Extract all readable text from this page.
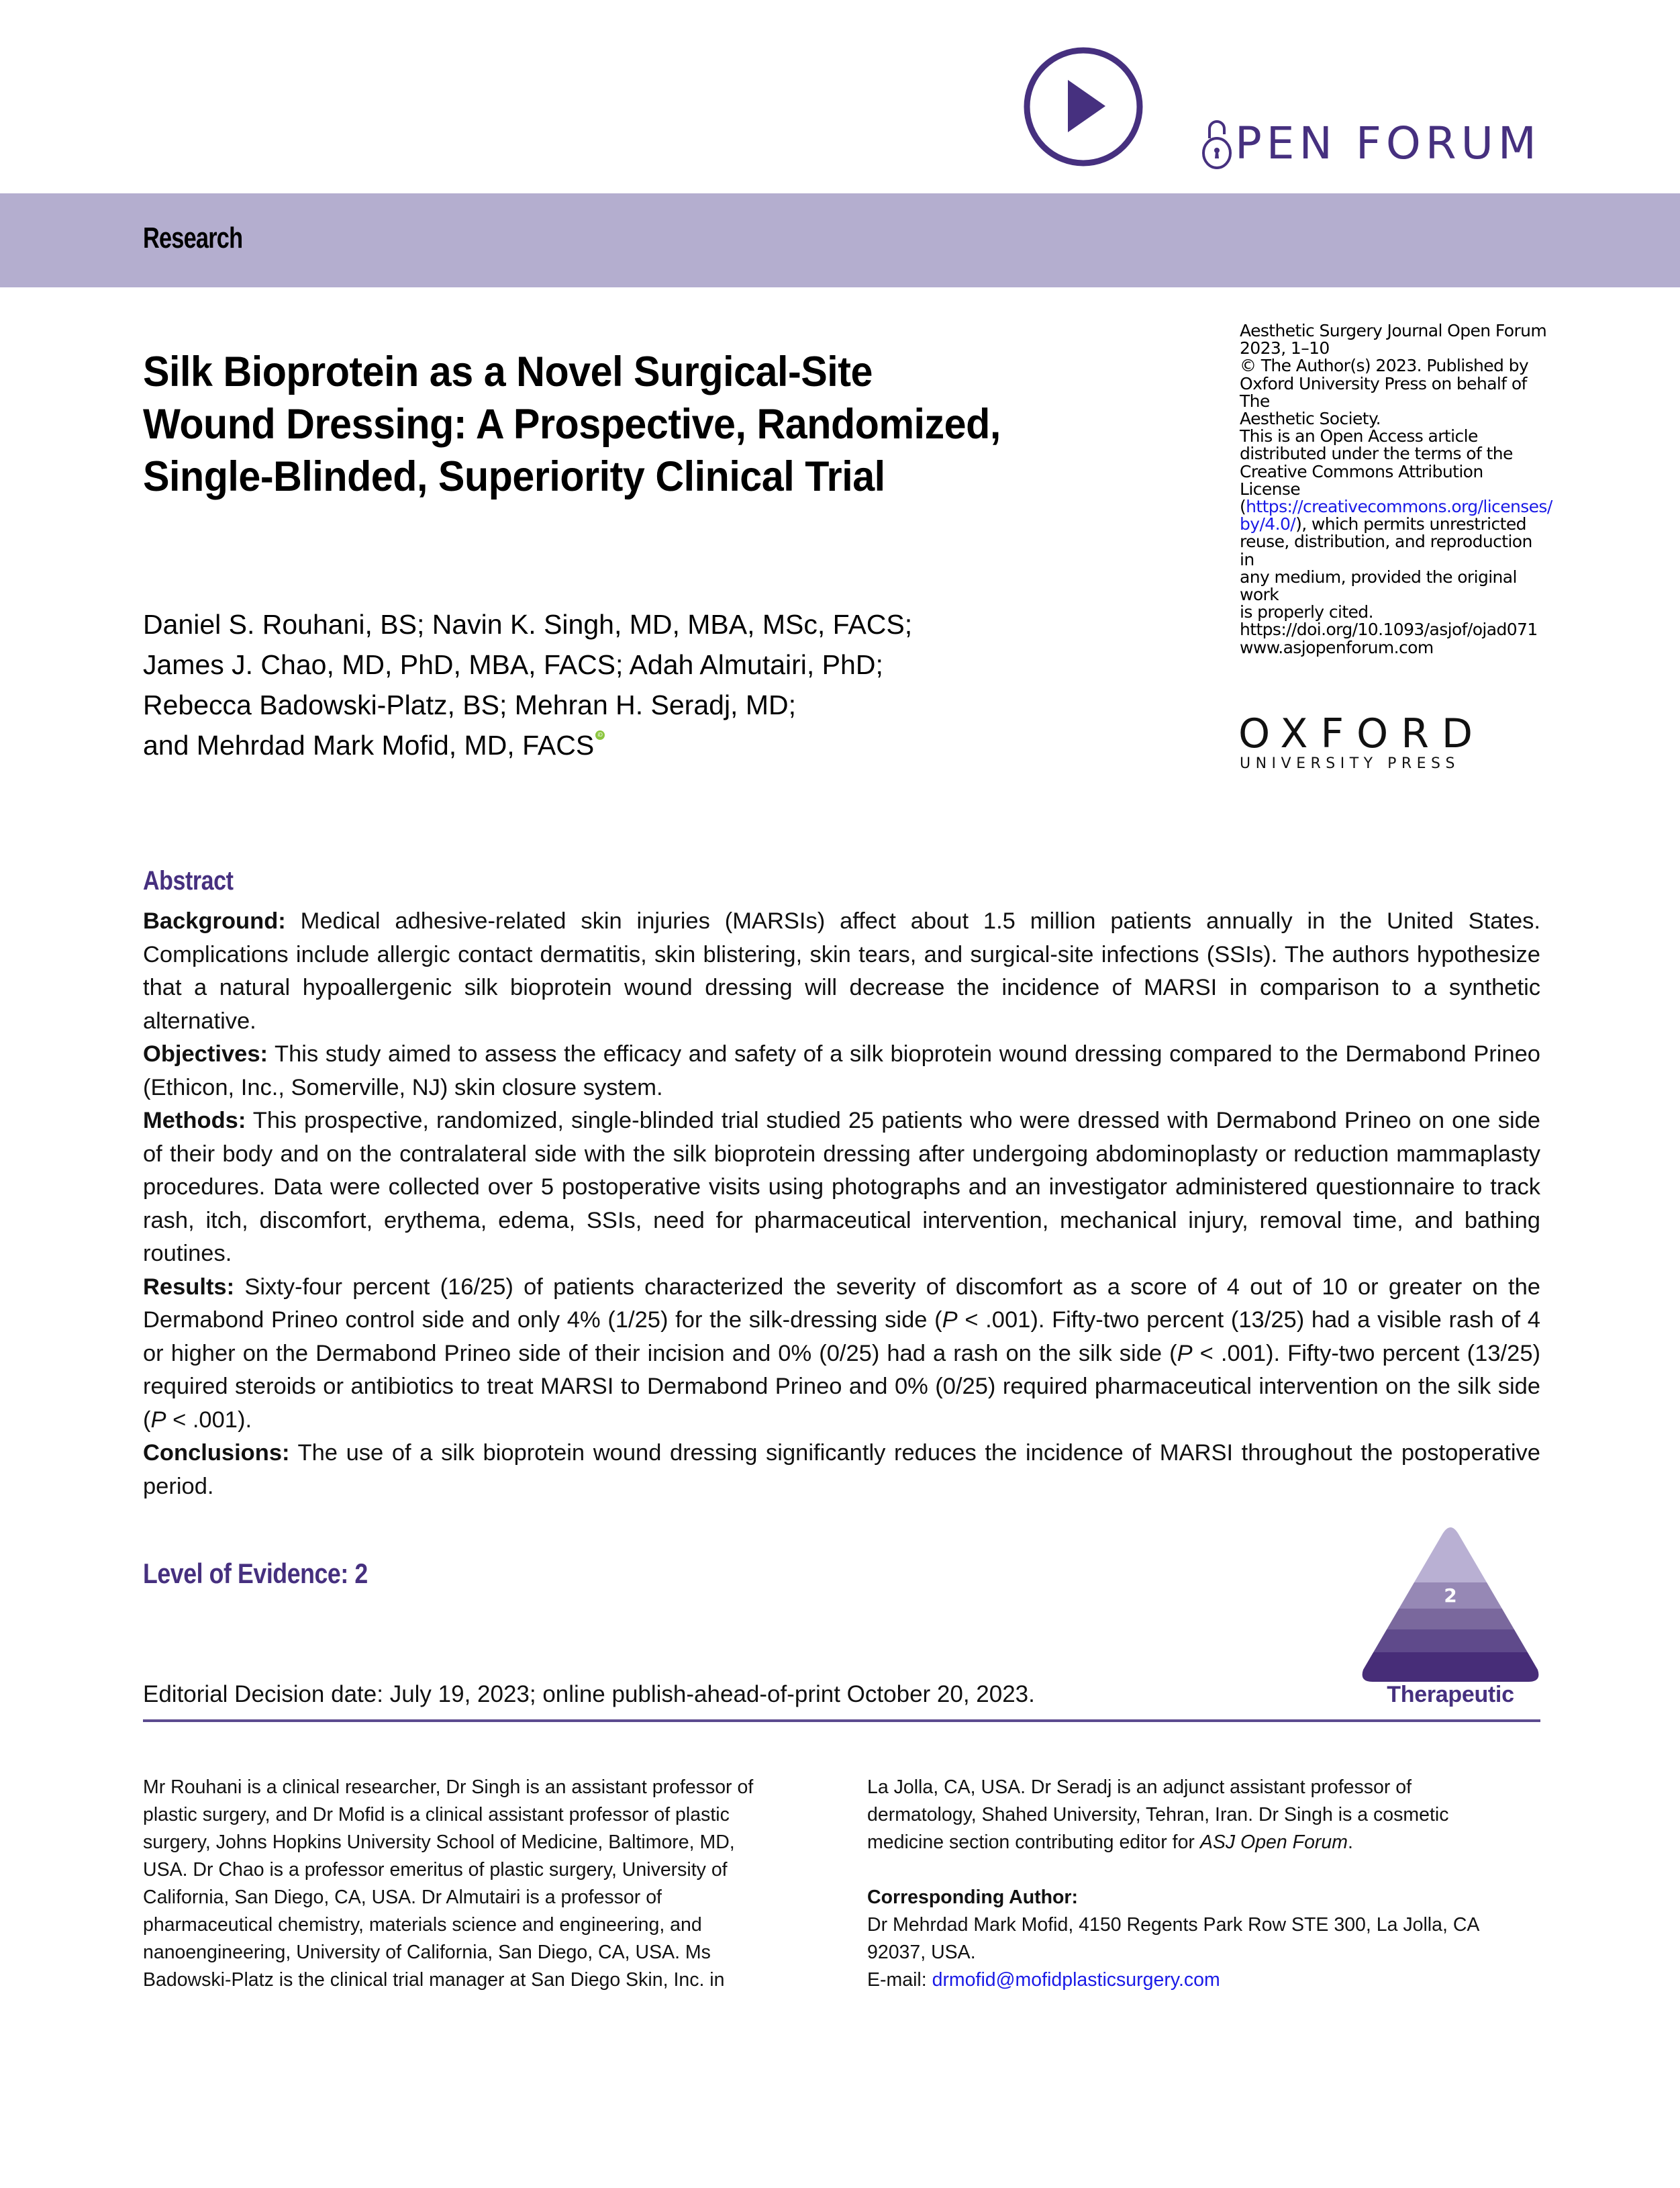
PEN FORUM
Research
Silk Bioprotein as a Novel Surgical-Site
Wound Dressing: A Prospective, Randomized,
Single-Blinded, Superiority Clinical Trial
Daniel S. Rouhani, BS; Navin K. Singh, MD, MBA, MSc, FACS;
James J. Chao, MD, PhD, MBA, FACS; Adah Almutairi, PhD;
Rebecca Badowski-Platz, BS; Mehran H. Seradj, MD;
and Mehrdad Mark Mofid, MD, FACS iD
Aesthetic Surgery Journal Open Forum
2023, 1–10
© The Author(s) 2023. Published by
Oxford University Press on behalf of The
Aesthetic Society.
This is an Open Access article
distributed under the terms of the
Creative Commons Attribution License
(https://creativecommons.org/licenses/
by/4.0/), which permits unrestricted
reuse, distribution, and reproduction in
any medium, provided the original work
is properly cited.
https://doi.org/10.1093/asjof/ojad071
www.asjopenforum.com
OXFORD
UNIVERSITY PRESS
Abstract

Background: Medical adhesive-related skin injuries (MARSIs) affect about 1.5 million patients annually in the United States. Complications include allergic contact dermatitis, skin blistering, skin tears, and surgical-site infections (SSIs). The authors hypothesize that a natural hypoallergenic silk bioprotein wound dressing will decrease the incidence of MARSI in comparison to a synthetic alternative.

Objectives: This study aimed to assess the efficacy and safety of a silk bioprotein wound dressing compared to the Dermabond Prineo (Ethicon, Inc., Somerville, NJ) skin closure system.

Methods: This prospective, randomized, single-blinded trial studied 25 patients who were dressed with Dermabond Prineo on one side of their body and on the contralateral side with the silk bioprotein dressing after undergoing abdominoplasty or reduction mammaplasty procedures. Data were collected over 5 postoperative visits using photographs and an investigator administered questionnaire to track rash, itch, discomfort, erythema, edema, SSIs, need for pharmaceutical intervention, mechanical injury, removal time, and bathing routines.

Results: Sixty-four percent (16/25) of patients characterized the severity of discomfort as a score of 4 out of 10 or greater on the Dermabond Prineo control side and only 4% (1/25) for the silk-dressing side (P < .001). Fifty-two percent (13/25) had a visible rash of 4 or higher on the Dermabond Prineo side of their incision and 0% (0/25) had a rash on the silk side (P < .001). Fifty-two percent (13/25) required steroids or antibiotics to treat MARSI to Dermabond Prineo and 0% (0/25) required pharmaceutical intervention on the silk side (P < .001).

Conclusions: The use of a silk bioprotein wound dressing significantly reduces the incidence of MARSI throughout the postoperative period.

Level of Evidence: 2
2
Therapeutic
Editorial Decision date: July 19, 2023; online publish-ahead-of-print October 20, 2023.
Mr Rouhani is a clinical researcher, Dr Singh is an assistant professor of
plastic surgery, and Dr Mofid is a clinical assistant professor of plastic
surgery, Johns Hopkins University School of Medicine, Baltimore, MD,
USA. Dr Chao is a professor emeritus of plastic surgery, University of
California, San Diego, CA, USA. Dr Almutairi is a professor of
pharmaceutical chemistry, materials science and engineering, and
nanoengineering, University of California, San Diego, CA, USA. Ms
Badowski-Platz is the clinical trial manager at San Diego Skin, Inc. in
La Jolla, CA, USA. Dr Seradj is an adjunct assistant professor of
dermatology, Shahed University, Tehran, Iran. Dr Singh is a cosmetic
medicine section contributing editor for ASJ Open Forum.
Corresponding Author:
Dr Mehrdad Mark Mofid, 4150 Regents Park Row STE 300, La Jolla, CA
92037, USA.
E-mail: drmofid@mofidplasticsurgery.com
